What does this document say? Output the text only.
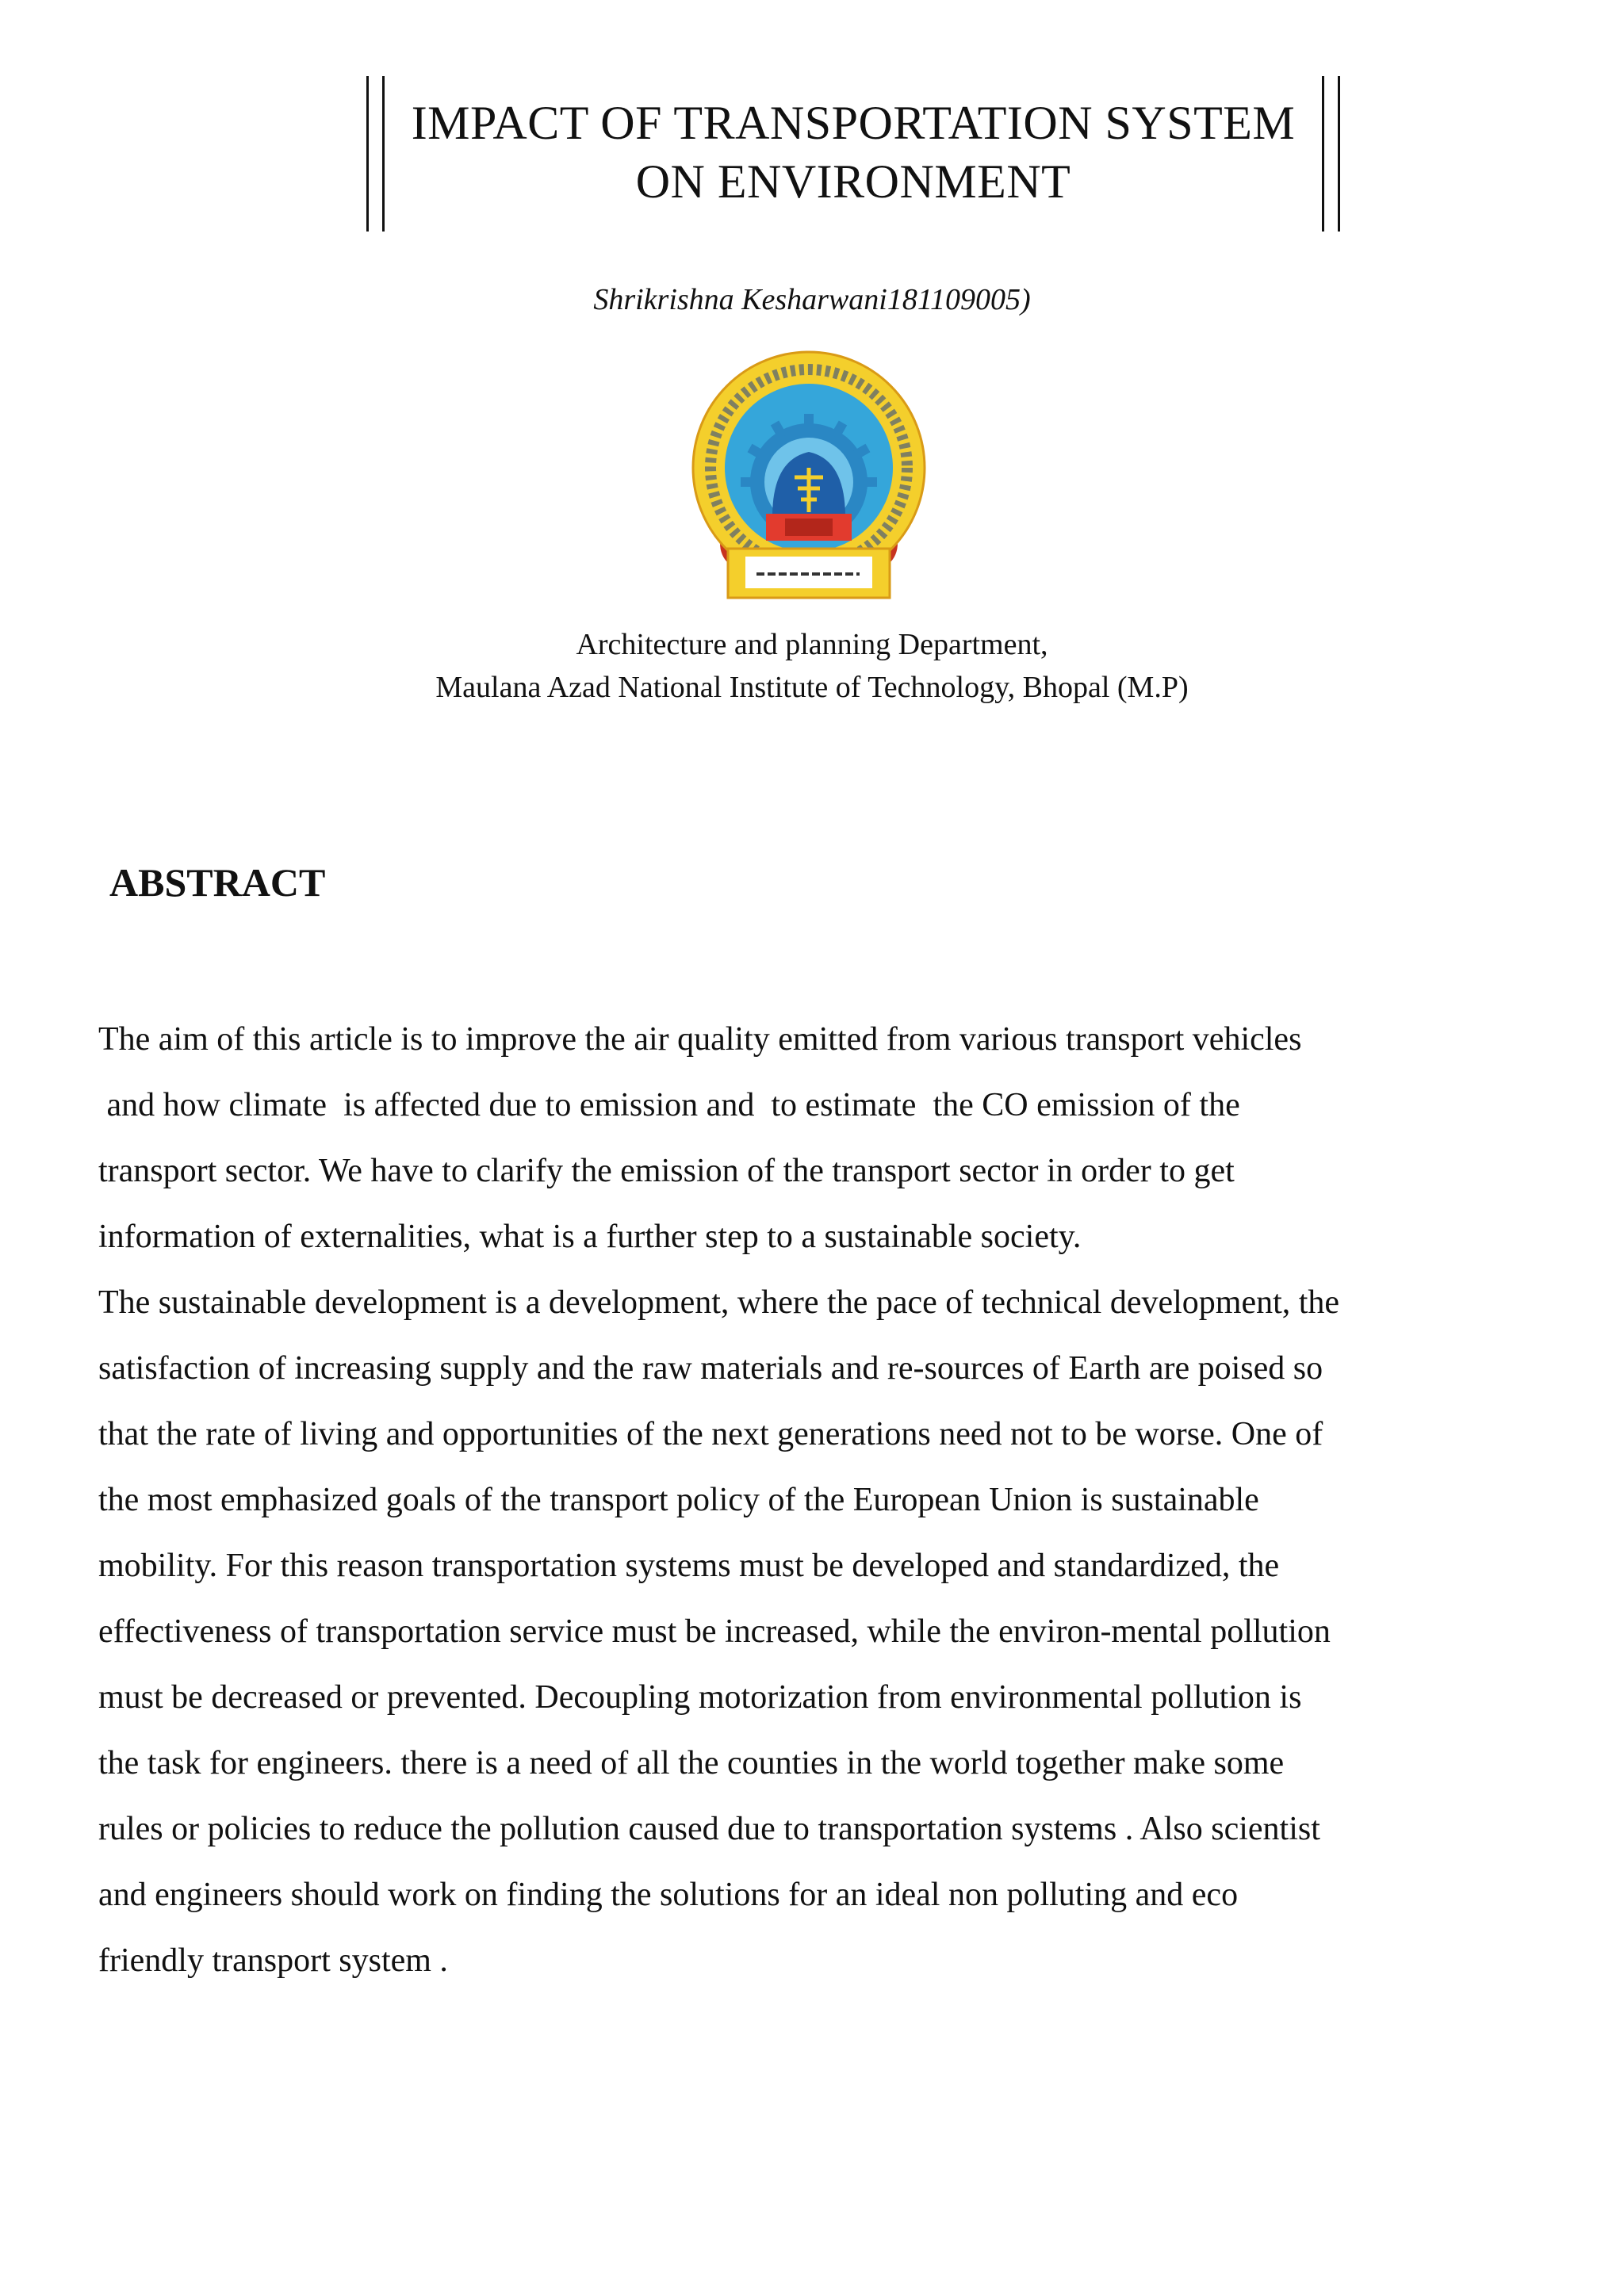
IMPACT OF TRANSPORTATION SYSTEM
ON ENVIRONMENT
Shrikrishna Kesharwani181109005)
Architecture and planning Department,
Maulana Azad National Institute of Technology, Bhopal (M.P)
ABSTRACT

The aim of this article is to improve the air quality emitted from various transport vehicles
and how climate  is affected due to emission and  to estimate  the CO emission of the
transport sector. We have to clarify the emission of the transport sector in order to get
information of externalities, what is a further step to a sustainable society.
The sustainable development is a development, where the pace of technical development, the
satisfaction of increasing supply and the raw materials and re-sources of Earth are poised so
that the rate of living and opportunities of the next generations need not to be worse. One of
the most emphasized goals of the transport policy of the European Union is sustainable
mobility. For this reason transportation systems must be developed and standardized, the
effectiveness of transportation service must be increased, while the environ-mental pollution
must be decreased or prevented. Decoupling motorization from environmental pollution is
the task for engineers. there is a need of all the counties in the world together make some
rules or policies to reduce the pollution caused due to transportation systems . Also scientist
and engineers should work on finding the solutions for an ideal non polluting and eco
friendly transport system .
